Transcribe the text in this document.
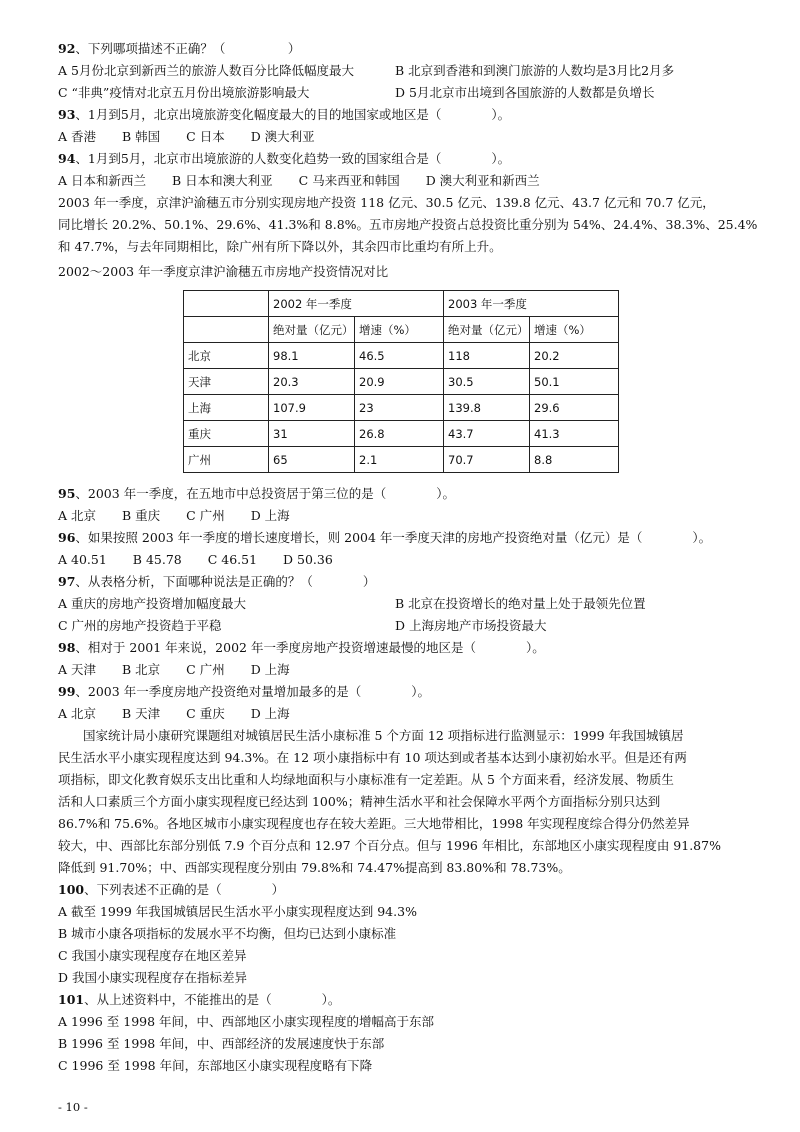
92、下列哪项描述不正确？（　　　　　）
A 5月份北京到新西兰的旅游人数百分比降低幅度最大	B 北京到香港和到澳门旅游的人数均是3月比2月多
C “非典”疫情对北京五月份出境旅游影响最大	D 5月北京市出境到各国旅游的人数都是负增长
93、1月到5月，北京出境旅游变化幅度最大的目的地国家或地区是（　　　　）。
A 香港 B 韩国 C 日本 D 澳大利亚
94、1月到5月，北京市出境旅游的人数变化趋势一致的国家组合是（　　　　）。
A 日本和新西兰 B 日本和澳大利亚 C 马来西亚和韩国 D 澳大利亚和新西兰
2003 年一季度，京津沪渝穗五市分别实现房地产投资 118 亿元、30.5 亿元、139.8 亿元、43.7 亿元和 70.7 亿元，
同比增长 20.2%、50.1%、29.6%、41.3%和 8.8%。五市房地产投资占总投资比重分别为 54%、24.4%、38.3%、25.4%
和 47.7%，与去年同期相比，除广州有所下降以外，其余四市比重均有所上升。
2002～2003 年一季度京津沪渝穗五市房地产投资情况对比
	2002 年一季度		2003 年一季度	
	绝对量（亿元）	增速（%）	绝对量（亿元）	增速（%）
北京	98.1	46.5	118	20.2
天津	20.3	20.9	30.5	50.1
上海	107.9	23	139.8	29.6
重庆	31	26.8	43.7	41.3
广州	65	2.1	70.7	8.8
95、2003 年一季度，在五地市中总投资居于第三位的是（　　　　）。
A 北京 B 重庆 C 广州 D 上海
96、如果按照 2003 年一季度的增长速度增长，则 2004 年一季度天津的房地产投资绝对量（亿元）是（　　　　）。
A 40.51 B 45.78 C 46.51 D 50.36
97、从表格分析，下面哪种说法是正确的？（　　　　）
A 重庆的房地产投资增加幅度最大	B 北京在投资增长的绝对量上处于最领先位置
C 广州的房地产投资趋于平稳	D 上海房地产市场投资最大
98、相对于 2001 年来说，2002 年一季度房地产投资增速最慢的地区是（　　　　）。
A 天津 B 北京 C 广州 D 上海
99、2003 年一季度房地产投资绝对量增加最多的是（　　　　）。
A 北京 B 天津 C 重庆 D 上海
国家统计局小康研究课题组对城镇居民生活小康标准 5 个方面 12 项指标进行监测显示：1999 年我国城镇居
民生活水平小康实现程度达到 94.3%。在 12 项小康指标中有 10 项达到或者基本达到小康初始水平。但是还有两
项指标，即文化教育娱乐支出比重和人均绿地面积与小康标准有一定差距。从 5 个方面来看，经济发展、物质生
活和人口素质三个方面小康实现程度已经达到 100%；精神生活水平和社会保障水平两个方面指标分别只达到
86.7%和 75.6%。各地区城市小康实现程度也存在较大差距。三大地带相比，1998 年实现程度综合得分仍然差异
较大，中、西部比东部分别低 7.9 个百分点和 12.97 个百分点。但与 1996 年相比，东部地区小康实现程度由 91.87%
降低到 91.70%；中、西部实现程度分别由 79.8%和 74.47%提高到 83.80%和 78.73%。
100、下列表述不正确的是（　　　　）
A 截至 1999 年我国城镇居民生活水平小康实现程度达到 94.3%
B 城市小康各项指标的发展水平不均衡，但均已达到小康标准
C 我国小康实现程度存在地区差异
D 我国小康实现程度存在指标差异
101、从上述资料中，不能推出的是（　　　　）。
A 1996 至 1998 年间，中、西部地区小康实现程度的增幅高于东部
B 1996 至 1998 年间，中、西部经济的发展速度快于东部
C 1996 至 1998 年间，东部地区小康实现程度略有下降
- 10 -
